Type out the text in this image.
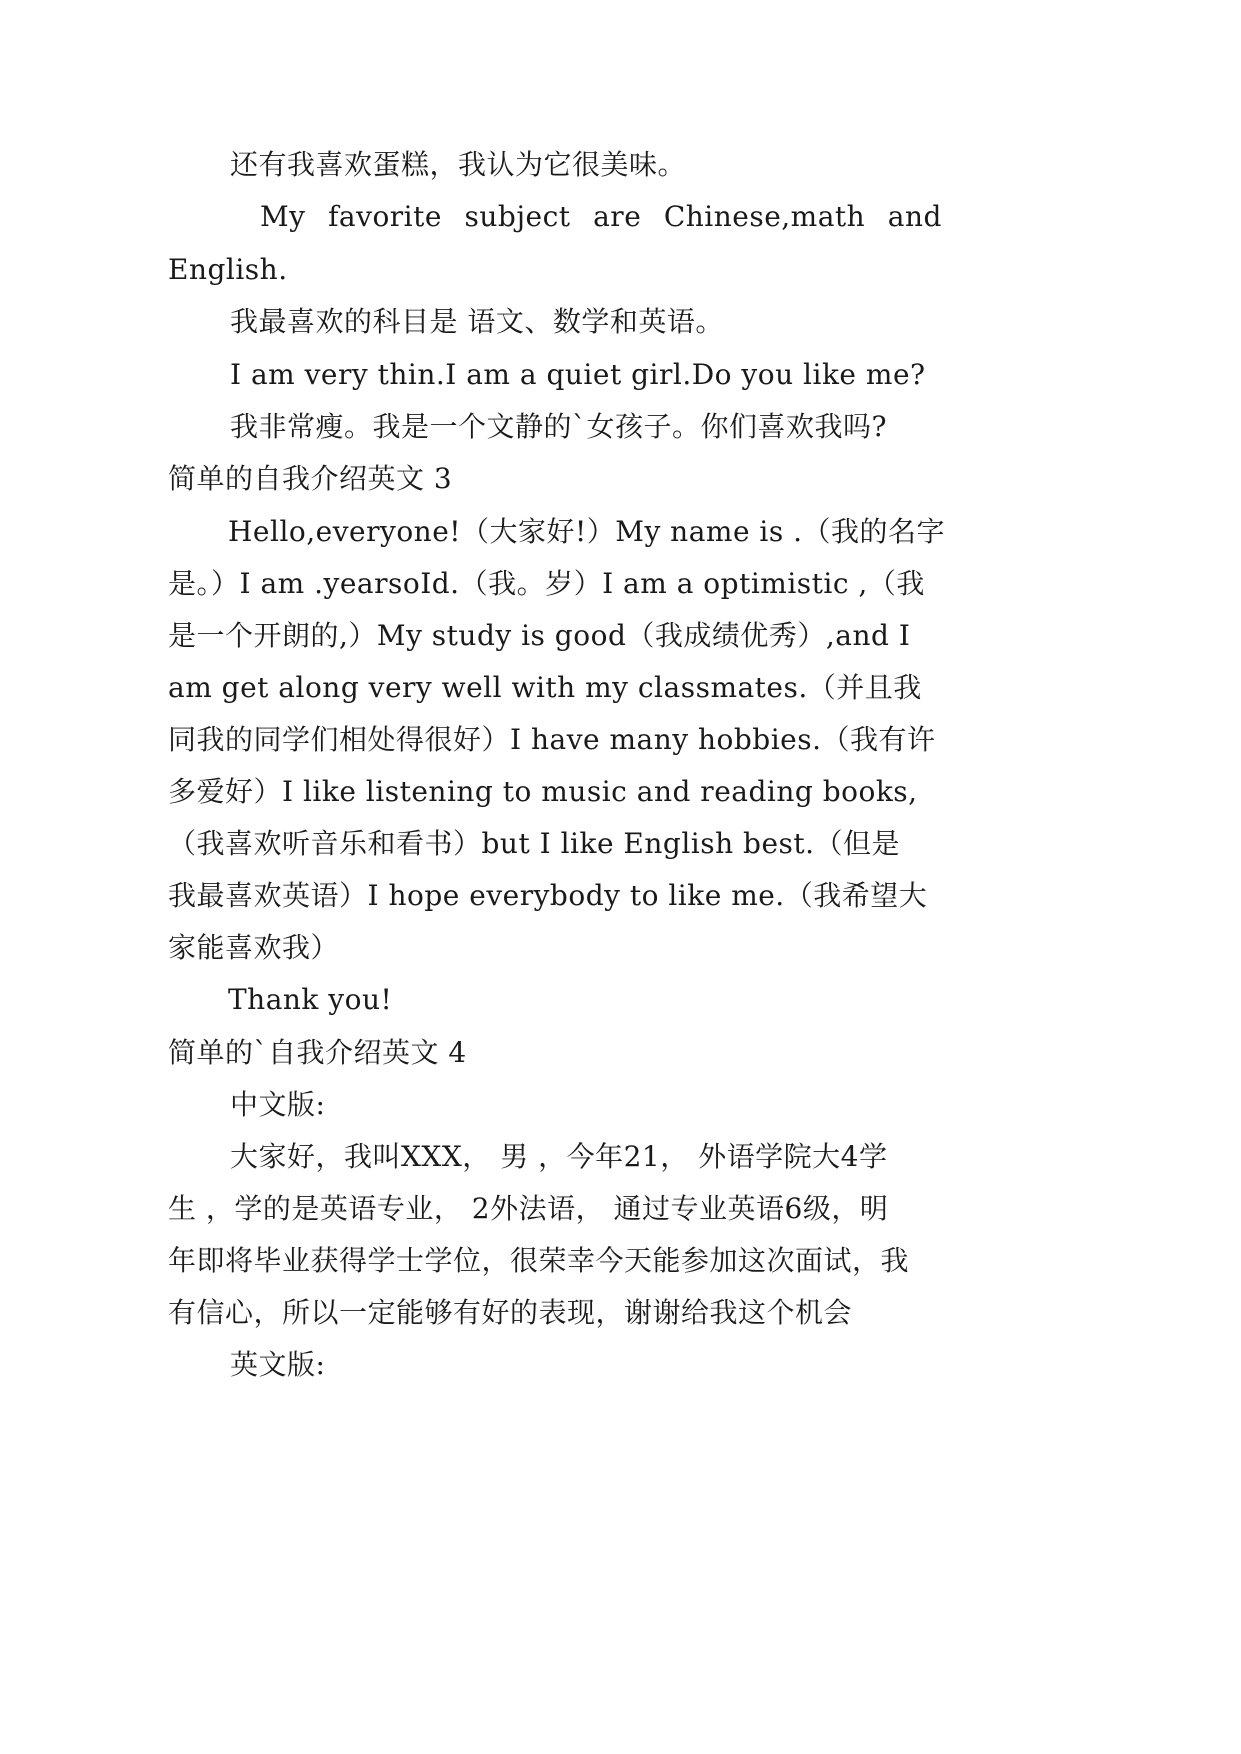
还有我喜欢蛋糕，我认为它很美味。
My favorite subject are Chinese,math and
English.
我最喜欢的科目是 语文、数学和英语。
I am very thin.I am a quiet girl.Do you like me?
我非常瘦。我是一个文静的`女孩子。你们喜欢我吗?
简单的自我介绍英文 3
Hello,everyone!（大家好!）My name is .（我的名字
是。）I am .yearsoId.（我。岁）I am a optimistic ,（我
是一个开朗的,）My study is good（我成绩优秀）,and I
am get along very well with my classmates.（并且我
同我的同学们相处得很好）I have many hobbies.（我有许
多爱好）I like listening to music and reading books,
（我喜欢听音乐和看书）but I like English best.（但是
我最喜欢英语）I hope everybody to like me.（我希望大
家能喜欢我）
Thank you!
简单的`自我介绍英文 4
中文版:
大家好，我叫XXX， 男 ，今年21， 外语学院大4学
生 ，学的是英语专业， 2外法语， 通过专业英语6级，明
年即将毕业获得学士学位，很荣幸今天能参加这次面试，我
有信心，所以一定能够有好的表现，谢谢给我这个机会
英文版:
